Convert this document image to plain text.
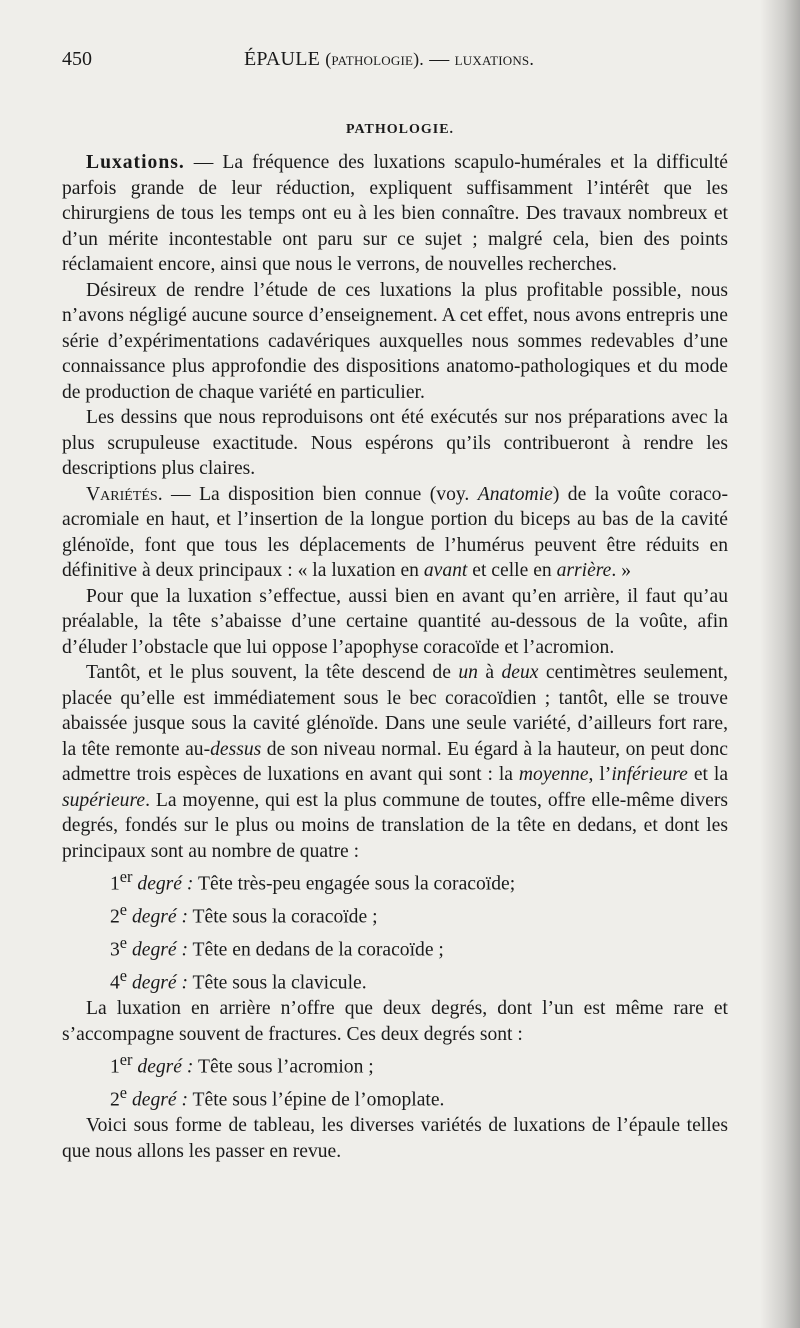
450	ÉPAULE (pathologie). — luxations.
PATHOLOGIE.

Luxations. — La fréquence des luxations scapulo-humérales et la difficulté parfois grande de leur réduction, expliquent suffisamment l’intérêt que les chirurgiens de tous les temps ont eu à les bien connaître. Des travaux nombreux et d’un mérite incontestable ont paru sur ce sujet ; malgré cela, bien des points réclamaient encore, ainsi que nous le verrons, de nouvelles recherches.

Désireux de rendre l’étude de ces luxations la plus profitable possible, nous n’avons négligé aucune source d’enseignement. A cet effet, nous avons entrepris une série d’expérimentations cadavériques auxquelles nous sommes redevables d’une connaissance plus approfondie des dispositions anatomo-pathologiques et du mode de production de chaque variété en particulier.

Les dessins que nous reproduisons ont été exécutés sur nos préparations avec la plus scrupuleuse exactitude. Nous espérons qu’ils contribueront à rendre les descriptions plus claires.

Variétés. — La disposition bien connue (voy. Anatomie) de la voûte coraco-acromiale en haut, et l’insertion de la longue portion du biceps au bas de la cavité glénoïde, font que tous les déplacements de l’humérus peuvent être réduits en définitive à deux principaux : « la luxation en avant et celle en arrière. »

Pour que la luxation s’effectue, aussi bien en avant qu’en arrière, il faut qu’au préalable, la tête s’abaisse d’une certaine quantité au-dessous de la voûte, afin d’éluder l’obstacle que lui oppose l’apophyse coracoïde et l’acromion.

Tantôt, et le plus souvent, la tête descend de un à deux centimètres seulement, placée qu’elle est immédiatement sous le bec coracoïdien ; tantôt, elle se trouve abaissée jusque sous la cavité glénoïde. Dans une seule variété, d’ailleurs fort rare, la tête remonte au-dessus de son niveau normal. Eu égard à la hauteur, on peut donc admettre trois espèces de luxations en avant qui sont : la moyenne, l’inférieure et la supérieure. La moyenne, qui est la plus commune de toutes, offre elle-même divers degrés, fondés sur le plus ou moins de translation de la tête en dedans, et dont les principaux sont au nombre de quatre :

1er degré : Tête très-peu engagée sous la coracoïde;

2e degré : Tête sous la coracoïde ;

3e degré : Tête en dedans de la coracoïde ;

4e degré : Tête sous la clavicule.

La luxation en arrière n’offre que deux degrés, dont l’un est même rare et s’accompagne souvent de fractures. Ces deux degrés sont :

1er degré : Tête sous l’acromion ;

2e degré : Tête sous l’épine de l’omoplate.

Voici sous forme de tableau, les diverses variétés de luxations de l’épaule telles que nous allons les passer en revue.
